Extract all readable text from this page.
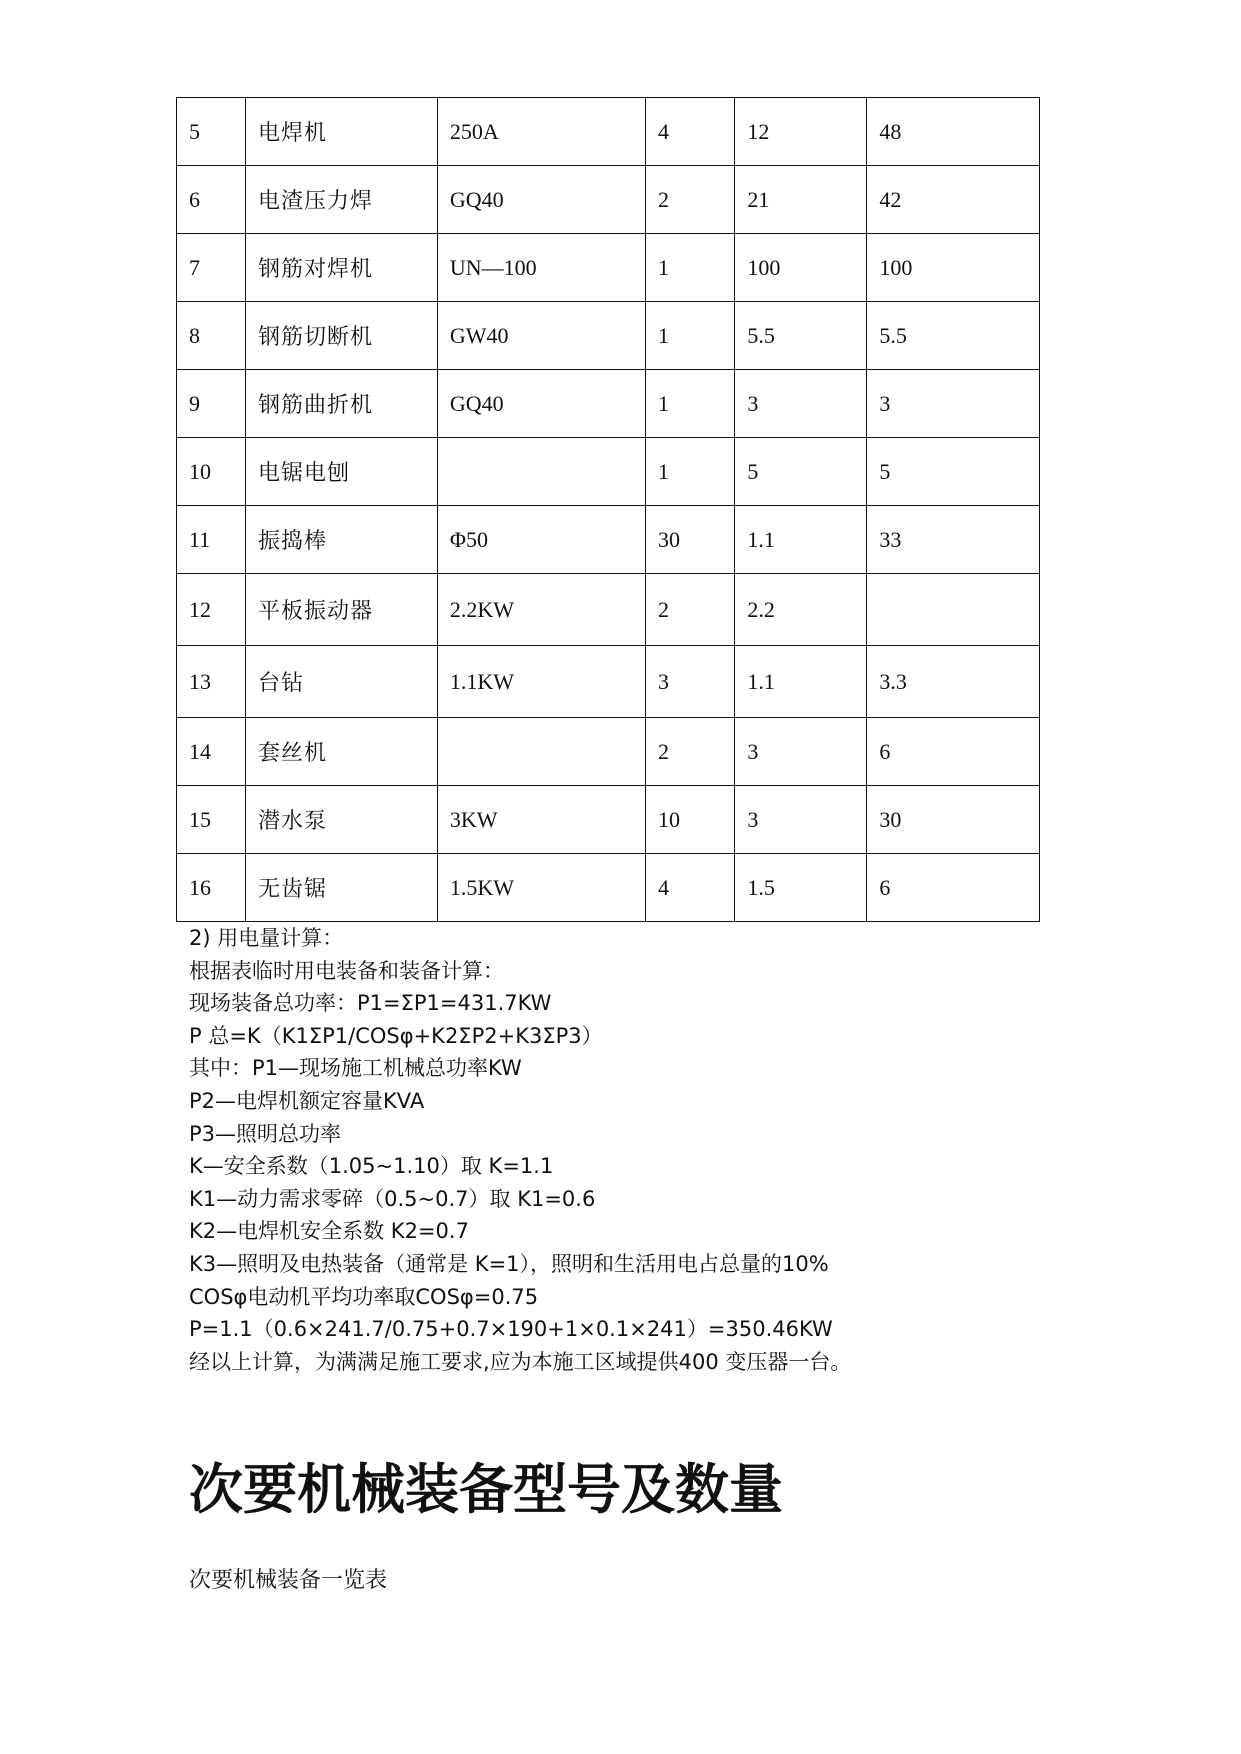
5	电焊机	250A	4	12	48
6	电渣压力焊	GQ40	2	21	42
7	钢筋对焊机	UN—100	1	100	100
8	钢筋切断机	GW40	1	5.5	5.5
9	钢筋曲折机	GQ40	1	3	3
10	电锯电刨		1	5	5
11	振捣棒	Φ50	30	1.1	33
12	平板振动器	2.2KW	2	2.2	
13	台钻	1.1KW	3	1.1	3.3
14	套丝机		2	3	6
15	潜水泵	3KW	10	3	30
16	无齿锯	1.5KW	4	1.5	6

2) 用电量计算：

根据表临时用电装备和装备计算：

现场装备总功率：P1=ΣP1=431.7KW

P 总=K（K1ΣP1/COSφ+K2ΣP2+K3ΣP3）

其中：P1—现场施工机械总功率KW

P2—电焊机额定容量KVA

P3—照明总功率

K—安全系数（1.05~1.10）取 K=1.1

K1—动力需求零碎（0.5~0.7）取 K1=0.6

K2—电焊机安全系数 K2=0.7

K3—照明及电热装备（通常是 K=1），照明和生活用电占总量的10%

COSφ电动机平均功率取COSφ=0.75

P=1.1（0.6×241.7/0.75+0.7×190+1×0.1×241）=350.46KW

经以上计算，为满满足施工要求,应为本施工区域提供400 变压器一台。

次要机械装备型号及数量

次要机械装备一览表
